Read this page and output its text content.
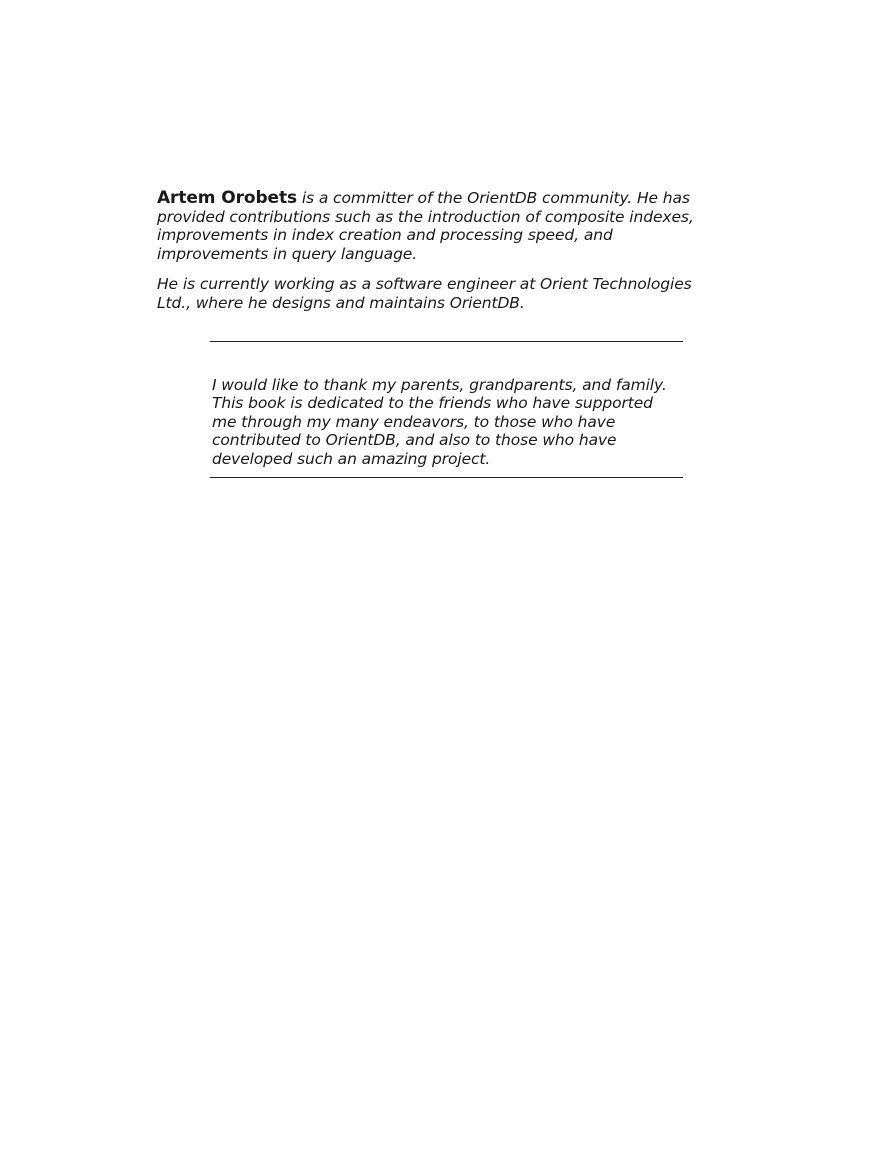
Artem Orobets is a committer of the OrientDB community. He has provided contributions such as the introduction of composite indexes, improvements in index creation and processing speed, and improvements in query language.

He is currently working as a software engineer at Orient Technologies Ltd., where he designs and maintains OrientDB.

I would like to thank my parents, grandparents, and family. This book is dedicated to the friends who have supported me through my many endeavors, to those who have contributed to OrientDB, and also to those who have developed such an amazing project.
